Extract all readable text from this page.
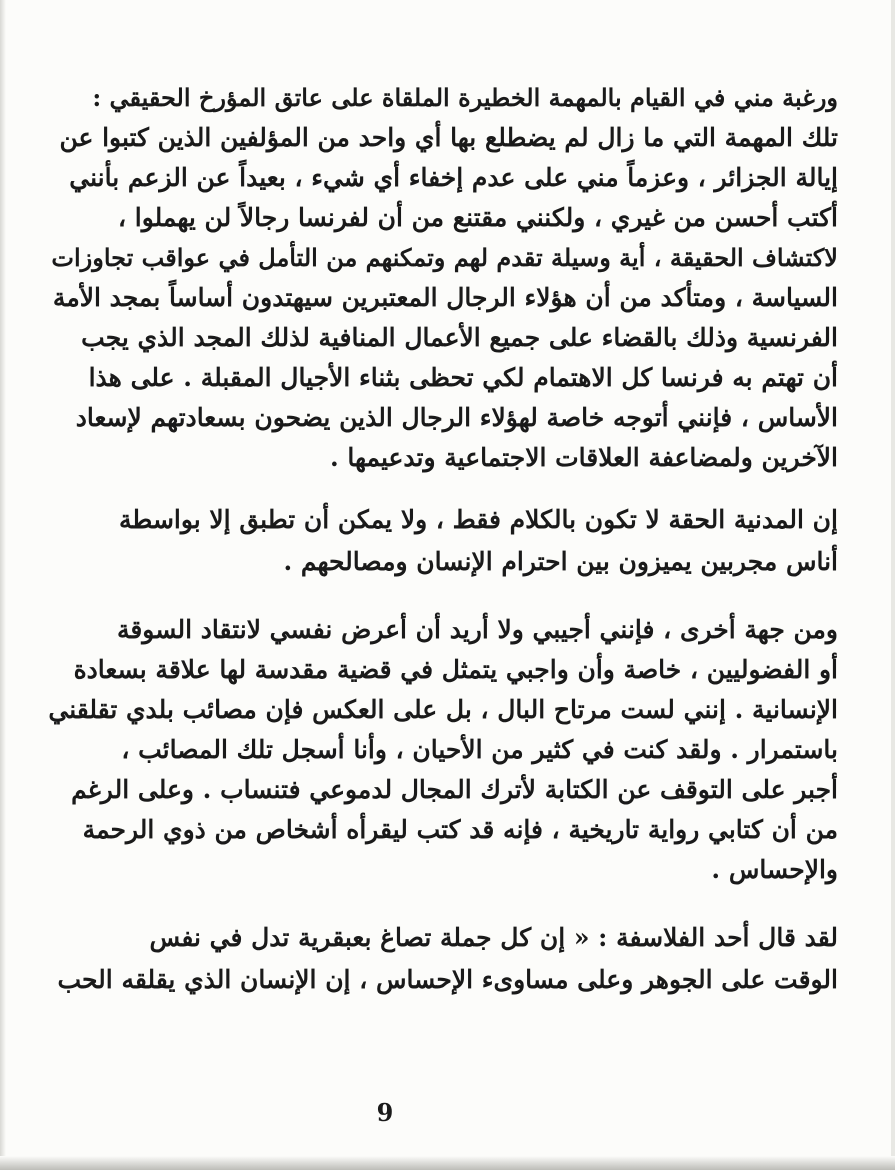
ورغبة مني في القيام بالمهمة الخطيرة الملقاة على عاتق المؤرخ الحقيقي :
تلك المهمة التي ما زال لم يضطلع بها أي واحد من المؤلفين الذين كتبوا عن
إيالة الجزائر ، وعزماً مني على عدم إخفاء أي شيء ، بعيداً عن الزعم بأنني
أكتب أحسن من غيري ، ولكنني مقتنع من أن لفرنسا رجالاً لن يهملوا ،
لاكتشاف الحقيقة ، أية وسيلة تقدم لهم وتمكنهم من التأمل في عواقب تجاوزات
السياسة ، ومتأكد من أن هؤلاء الرجال المعتبرين سيهتدون أساساً بمجد الأمة
الفرنسية وذلك بالقضاء على جميع الأعمال المنافية لذلك المجد الذي يجب
أن تهتم به فرنسا كل الاهتمام لكي تحظى بثناء الأجيال المقبلة . على هذا
الأساس ، فإنني أتوجه خاصة لهؤلاء الرجال الذين يضحون بسعادتهم لإسعاد
الآخرين ولمضاعفة العلاقات الاجتماعية وتدعيمها .
إن المدنية الحقة لا تكون بالكلام فقط ، ولا يمكن أن تطبق إلا بواسطة
أناس مجربين يميزون بين احترام الإنسان ومصالحهم .
ومن جهة أخرى ، فإنني أجيبي ولا أريد أن أعرض نفسي لانتقاد السوقة
أو الفضوليين ، خاصة وأن واجبي يتمثل في قضية مقدسة لها علاقة بسعادة
الإنسانية . إنني لست مرتاح البال ، بل على العكس فإن مصائب بلدي تقلقني
باستمرار . ولقد كنت في كثير من الأحيان ، وأنا أسجل تلك المصائب ،
أجبر على التوقف عن الكتابة لأترك المجال لدموعي فتنساب . وعلى الرغم
من أن كتابي رواية تاريخية ، فإنه قد كتب ليقرأه أشخاص من ذوي الرحمة
والإحساس .
لقد قال أحد الفلاسفة : « إن كل جملة تصاغ بعبقرية تدل في نفس
الوقت على الجوهر وعلى مساوىء الإحساس ، إن الإنسان الذي يقلقه الحب
9
